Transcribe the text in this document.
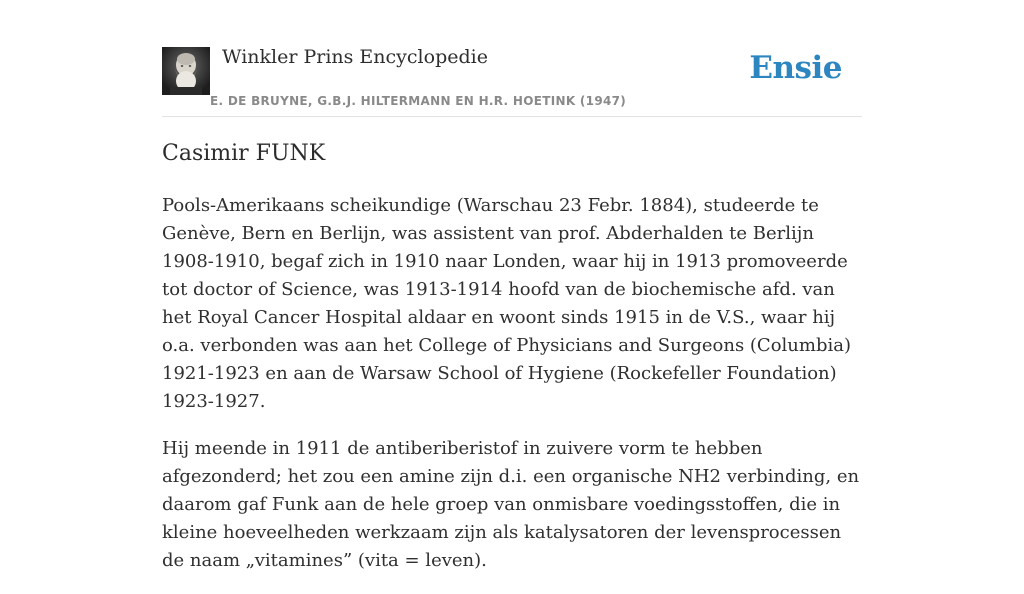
Winkler Prins Encyclopedie
E. DE BRUYNE, G.B.J. HILTERMANN EN H.R. HOETINK (1947)
Ensie
Casimir FUNK

Pools-Amerikaans scheikundige (Warschau 23 Febr. 1884), studeerde te Genève, Bern en Berlijn, was assistent van prof. Abderhalden te Berlijn 1908-1910, begaf zich in 1910 naar Londen, waar hij in 1913 promoveerde tot doctor of Science, was 1913-1914 hoofd van de biochemische afd. van het Royal Cancer Hospital aldaar en woont sinds 1915 in de V.S., waar hij o.a. verbonden was aan het College of Physicians and Surgeons (Columbia) 1921-1923 en aan de Warsaw School of Hygiene (Rockefeller Foundation) 1923-1927.

Hij meende in 1911 de antiberiberistof in zuivere vorm te hebben afgezonderd; het zou een amine zijn d.i. een organische NH2 verbinding, en daarom gaf Funk aan de hele groep van onmisbare voedingsstoffen, die in kleine hoeveelheden werkzaam zijn als katalysatoren der levensprocessen de naam „vitamines” (vita = leven).
